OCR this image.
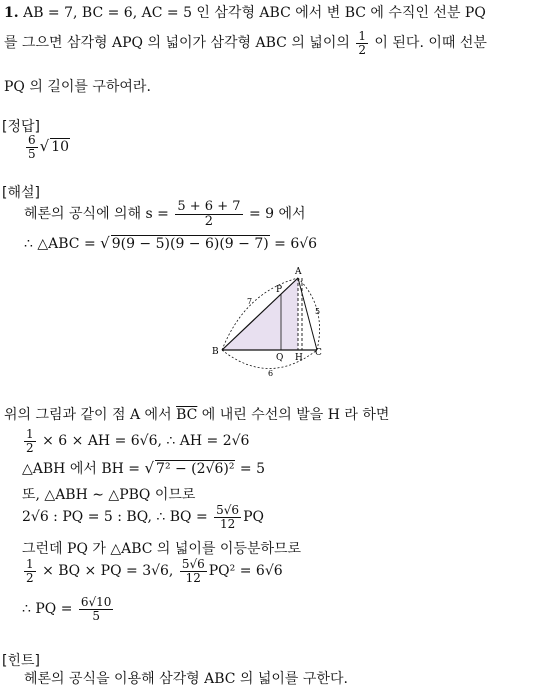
1. AB = 7, BC = 6, AC = 5 인 삼각형 ABC 에서 변 BC 에 수직인 선분 PQ
를 그으면 삼각형 APQ 의 넓이가 삼각형 ABC 의 넓이의 $\frac{1}{2}$ 이 된다. 이때 선분
PQ 의 길이를 구하여라.
[정답]
$\frac{6}{5}$ √ 10
[해설]
헤론의 공식에 의해 $s = \frac{5 + 6 + 7}{2} = 9$ 에서
∴ △ABC = √ 9(9 − 5)(9 − 6)(9 − 7) = 6√6
A
B	C
P
Q H
7
5
6
위의 그림과 같이 점 A 에서 $\overline{BC}$ 에 내린 수선의 발을 H 라 하면
$\frac{1}{2} \times 6$ × AH = 6√6, ∴ AH = 2√6
△ABH 에서 BH = √ 7² − (2√6)² = 5
또, △ABH ∼ △PBQ 이므로
2√6 : PQ = 5 : BQ, ∴ BQ = $\frac{5√6}{12}$ PQ
그런데 PQ 가 △ABC 의 넓이를 이등분하므로
$\frac{1}{2}$ × BQ × PQ = 3√6, $\frac{5√6}{12} PQ^2 = 6√6$
∴ PQ = $\frac{6√10}{5}$
[힌트]
헤론의 공식을 이용해 삼각형 ABC 의 넓이를 구한다.
